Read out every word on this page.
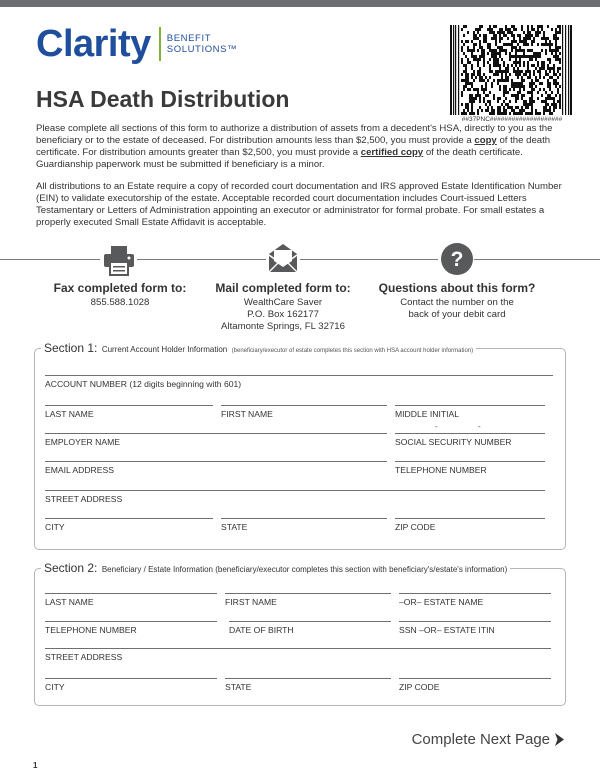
Clarity BENEFIT
SOLUTIONS™
##37PNC####################
HSA Death Distribution

Please complete all sections of this form to authorize a distribution of assets from a decedent's HSA, directly to you as the beneficiary or to the estate of deceased. For distribution amounts less than $2,500, you must provide a copy of the death certificate. For distribution amounts greater than $2,500, you must provide a certified copy of the death certificate. Guardianship paperwork must be submitted if beneficiary is a minor.

All distributions to an Estate require a copy of recorded court documentation and IRS approved Estate Identification Number (EIN) to validate executorship of the estate. Acceptable recorded court documentation includes Court-issued Letters Testamentary or Letters of Administration appointing an executor or administrator for formal probate. For small estates a properly executed Small Estate Affidavit is acceptable.

?
Fax completed form to:
855.588.1028
Mail completed form to:
WealthCare Saver
P.O. Box 162177
Altamonte Springs, FL 32716
Questions about this form?
Contact the number on the
back of your debit card
Section 1: Current Account Holder Information (beneficiary/executor of estate completes this section with HSA account holder information)
ACCOUNT NUMBER (12 digits beginning with 601)
LAST NAME	FIRST NAME	MIDDLE INITIAL
-	-
EMPLOYER NAME	SOCIAL SECURITY NUMBER
EMAIL ADDRESS	TELEPHONE NUMBER
STREET ADDRESS
CITY	STATE	ZIP CODE
Section 2: Beneficiary / Estate Information (beneficiary/executor completes this section with beneficiary's/estate's information)
LAST NAME	FIRST NAME	–OR– ESTATE NAME
TELEPHONE NUMBER	DATE OF BIRTH	SSN –OR– ESTATE ITIN
STREET ADDRESS
CITY	STATE	ZIP CODE
Complete Next Page
1
